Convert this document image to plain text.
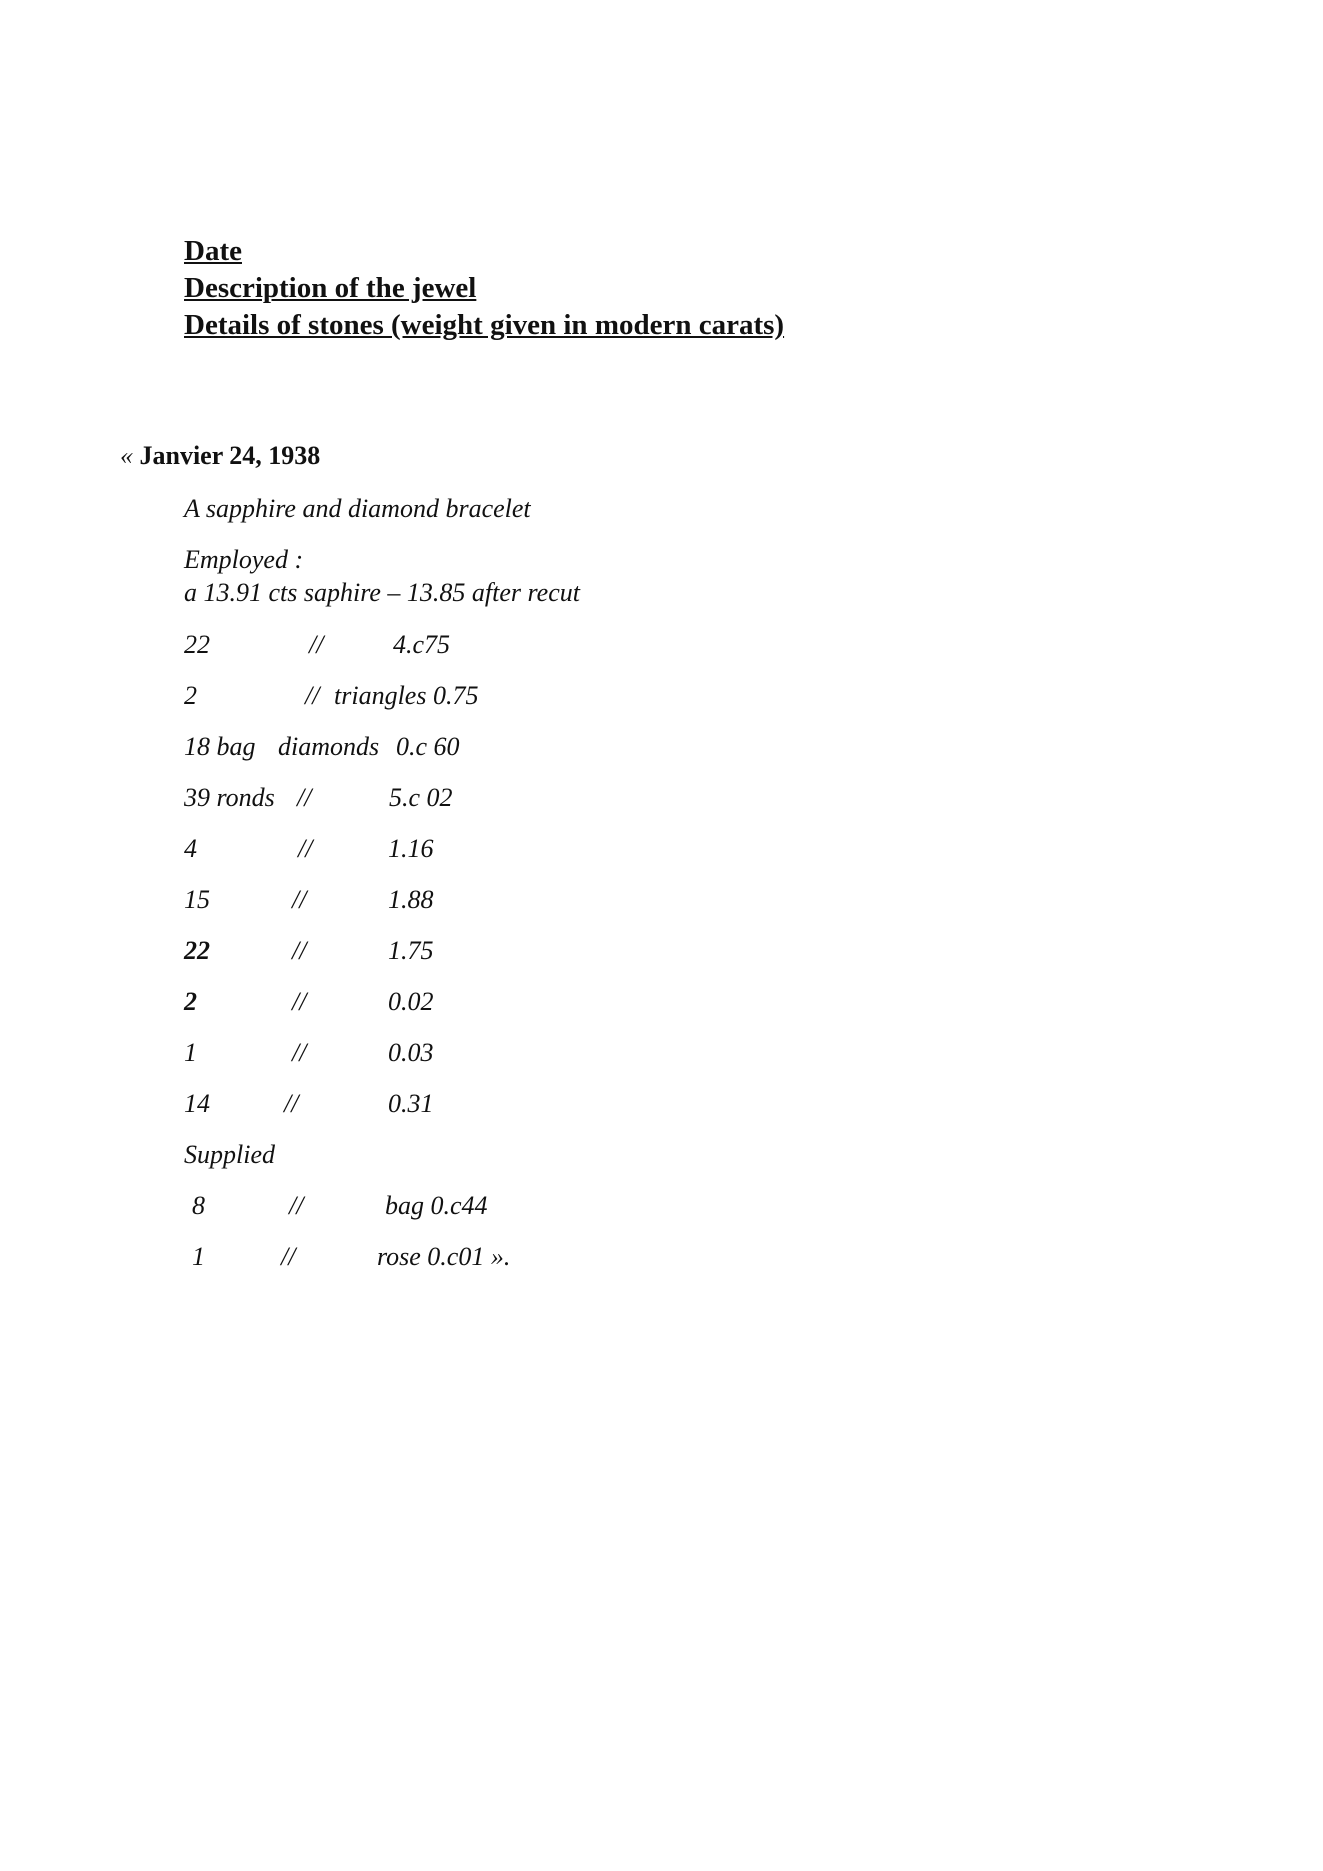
Date
Description of the jewel
Details of stones (weight given in modern carats)
« Janvier 24, 1938
A sapphire and diamond bracelet
Employed :
a 13.91 cts saphire – 13.85 after recut
22	//	4.c75
2	// triangles 0.75
18 bag diamonds 0.c 60
39 ronds //	5.c 02
4	//	1.16
15	//	1.88
22	//	1.75
2	//	0.02
1	//	0.03
14	//	0.31
Supplied
8	//	bag 0.c44
1	//	rose 0.c01 ».
